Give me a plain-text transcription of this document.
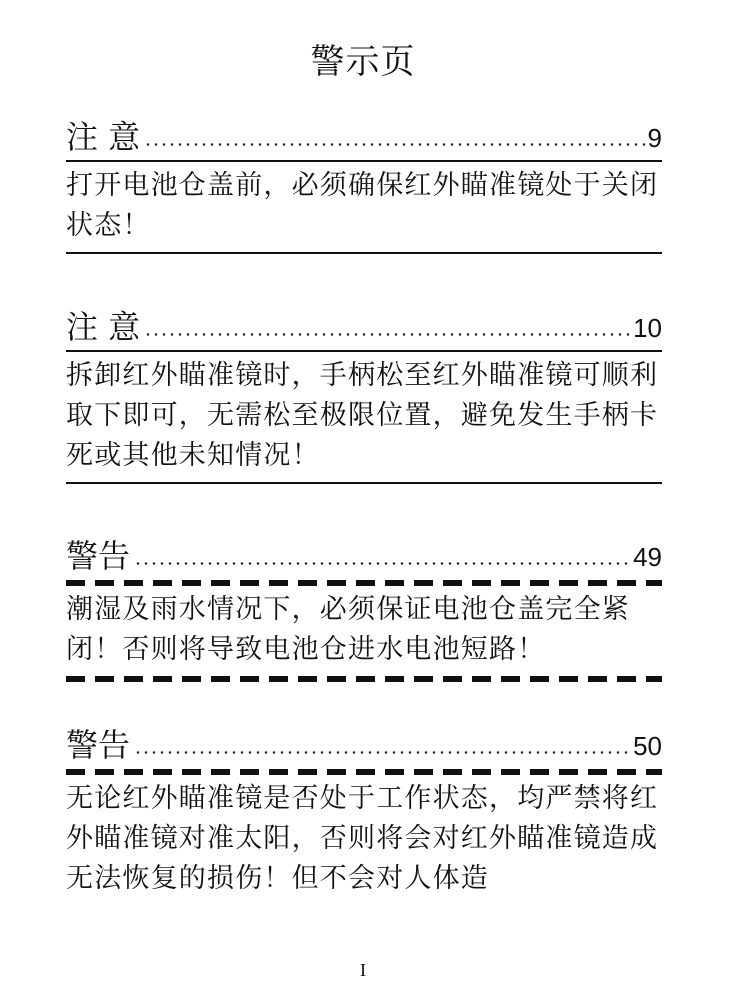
警示页
注 意	9
打开电池仓盖前，必须确保红外瞄准镜处于关闭状态！
注 意	10
拆卸红外瞄准镜时，手柄松至红外瞄准镜可顺利取下即可，无需松至极限位置，避免发生手柄卡死或其他未知情况！
警告	49
潮湿及雨水情况下，必须保证电池仓盖完全紧闭！否则将导致电池仓进水电池短路！
警告	50
无论红外瞄准镜是否处于工作状态，均严禁将红外瞄准镜对准太阳，否则将会对红外瞄准镜造成无法恢复的损伤！但不会对人体造
I
